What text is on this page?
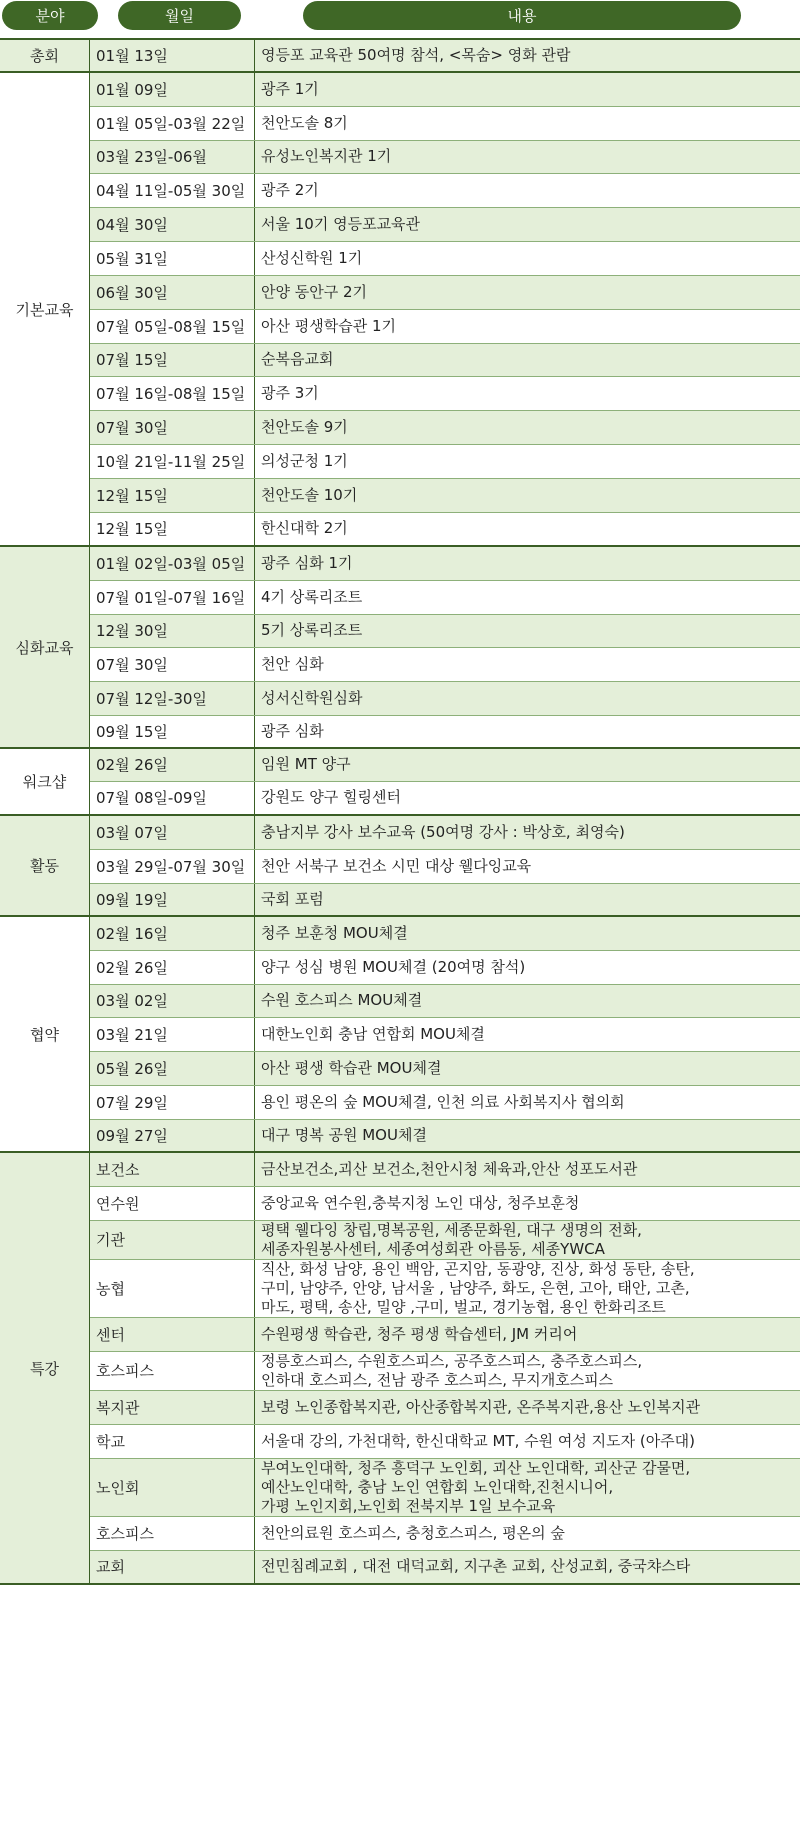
분야	월일	내용
총회	01월 13일	영등포 교육관 50여명 참석, <목숨> 영화 관람

기본교육	01월 09일	광주 1기

	01월 05일-03월 22일	천안도솔 8기

	03월 23일-06월	유성노인복지관 1기

	04월 11일-05월 30일	광주 2기

	04월 30일	서울 10기 영등포교육관

	05월 31일	산성신학원 1기

	06월 30일	안양 동안구 2기

	07월 05일-08월 15일	아산 평생학습관 1기

	07월 15일	순복음교회

	07월 16일-08월 15일	광주 3기

	07월 30일	천안도솔 9기

	10월 21일-11월 25일	의성군청 1기

	12월 15일	천안도솔 10기

	12월 15일	한신대학 2기

심화교육	01월 02일-03월 05일	광주 심화 1기

	07월 01일-07월 16일	4기 상록리조트

	12월 30일	5기 상록리조트

	07월 30일	천안 심화

	07월 12일-30일	성서신학원심화

	09월 15일	광주 심화

워크샵	02월 26일	임원 MT 양구

	07월 08일-09일	강원도 양구 힐링센터

활동	03월 07일	충남지부 강사 보수교육 (50여명 강사 : 박상호, 최영숙)

	03월 29일-07월 30일	천안 서북구 보건소 시민 대상 웰다잉교육

	09월 19일	국회 포럼

협약	02월 16일	청주 보훈청 MOU체결

	02월 26일	양구 성심 병원 MOU체결 (20여명 참석)

	03월 02일	수원 호스피스 MOU체결

	03월 21일	대한노인회 충남 연합회 MOU체결

	05월 26일	아산 평생 학습관 MOU체결

	07월 29일	용인 평온의 숲 MOU체결, 인천 의료 사회복지사 협의회

	09월 27일	대구 명복 공원 MOU체결

특강	보건소	금산보건소,괴산 보건소,천안시청 체육과,안산 성포도서관

	연수원	중앙교육 연수원,충북지청 노인 대상, 청주보훈청

	기관	평택 웰다잉 창립,명복공원, 세종문화원, 대구 생명의 전화,
세종자원봉사센터, 세종여성회관 아름동, 세종YWCA

	농협	직산, 화성 남양, 용인 백암, 곤지암, 동광양, 진상, 화성 동탄, 송탄,
구미, 남양주, 안양, 남서울 , 남양주, 화도, 은현, 고아, 태안, 고촌,
마도, 평택, 송산, 밀양 ,구미, 벌교, 경기농협, 용인 한화리조트

	센터	수원평생 학습관, 청주 평생 학습센터, JM 커리어

	호스피스	정릉호스피스, 수원호스피스, 공주호스피스, 충주호스피스,
인하대 호스피스, 전남 광주 호스피스, 무지개호스피스

	복지관	보령 노인종합복지관, 아산종합복지관, 온주복지관,용산 노인복지관

	학교	서울대 강의, 가천대학, 한신대학교 MT, 수원 여성 지도자 (아주대)

	노인회	부여노인대학, 청주 흥덕구 노인회, 괴산 노인대학, 괴산군 감물면,
예산노인대학, 충남 노인 연합회 노인대학,진천시니어,
가평 노인지회,노인회 전북지부 1일 보수교육

	호스피스	천안의료원 호스피스, 충청호스피스, 평온의 숲

	교회	전민침례교회 , 대전 대덕교회, 지구촌 교회, 산성교회, 중국챠스타
